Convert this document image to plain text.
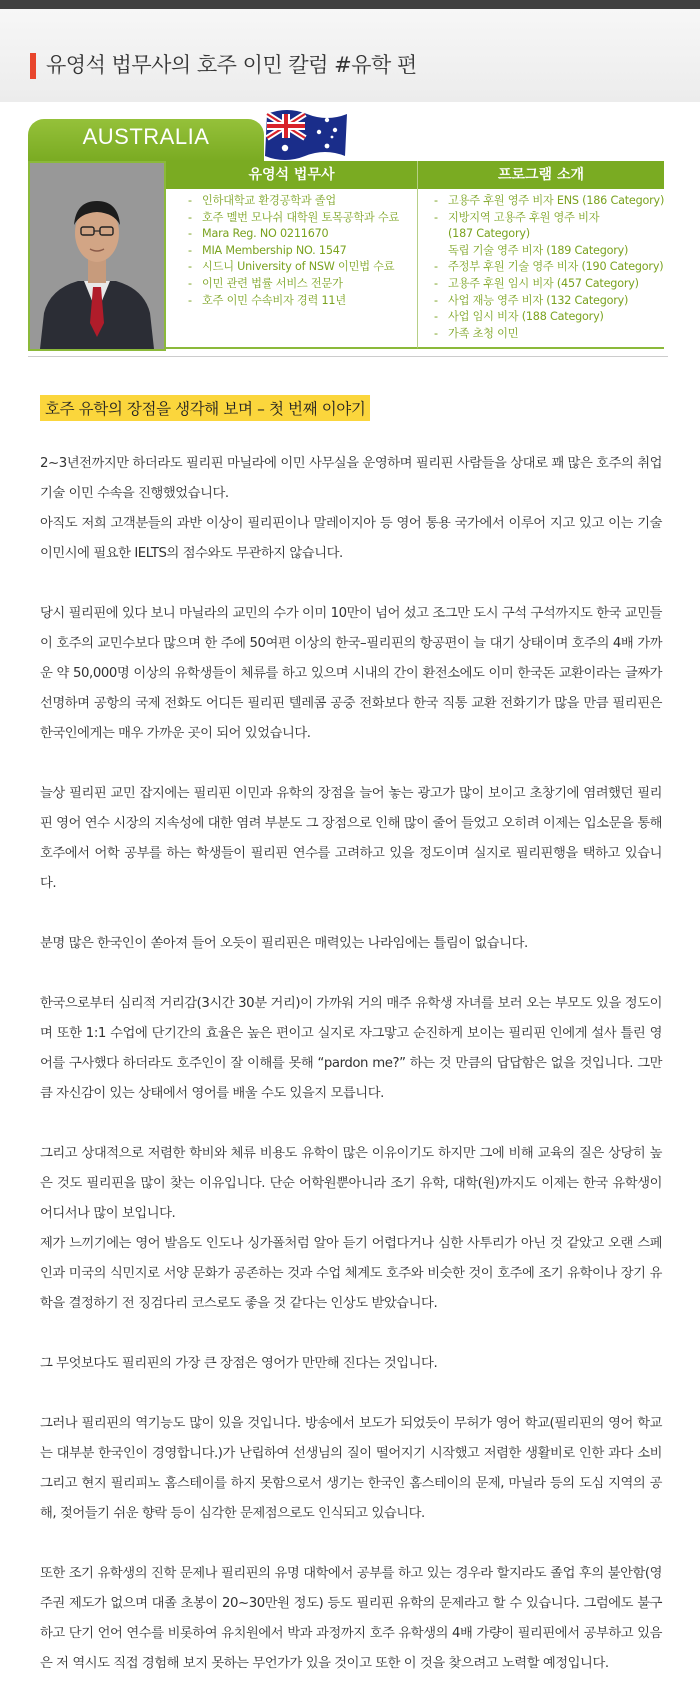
유영석 법무사의 호주 이민 칼럼 #유학 편
AUSTRALIA
유영석 법무사
- 인하대학교 환경공학과 졸업
- 호주 멜번 모나쉬 대학원 토목공학과 수료
- Mara Reg. NO 0211670
- MIA Membership NO. 1547
- 시드니 University of NSW 이민법 수료
- 이민 관련 법률 서비스 전문가
- 호주 이민 수속비자 경력 11년
프로그램 소개
- 고용주 후원 영주 비자 ENS (186 Category)
- 지방지역 고용주 후원 영주 비자
(187 Category)
독립 기술 영주 비자 (189 Category)
- 주정부 후원 기술 영주 비자 (190 Category)
- 고용주 후원 임시 비자 (457 Category)
- 사업 재능 영주 비자 (132 Category)
- 사업 임시 비자 (188 Category)
- 가족 초청 이민
호주 유학의 장점을 생각해 보며 – 첫 번째 이야기

2~3년전까지만 하더라도 필리핀 마닐라에 이민 사무실을 운영하며 필리핀 사람들을 상대로 꽤 많은 호주의 취업 기술 이민 수속을 진행했었습니다.

아직도 저희 고객분들의 과반 이상이 필리핀이나 말레이지아 등 영어 통용 국가에서 이루어 지고 있고 이는 기술 이민시에 필요한 IELTS의 점수와도 무관하지 않습니다.

당시 필리핀에 있다 보니 마닐라의 교민의 수가 이미 10만이 넘어 섰고 조그만 도시 구석 구석까지도 한국 교민들이 호주의 교민수보다 많으며 한 주에 50여편 이상의 한국–필리핀의 항공편이 늘 대기 상태이며 호주의 4배 가까운 약 50,000명 이상의 유학생들이 체류를 하고 있으며 시내의 간이 환전소에도 이미 한국돈 교환이라는 글짜가 선명하며 공항의 국제 전화도 어디든 필리핀 텔레콤 공중 전화보다 한국 직통 교환 전화기가 많을 만큼 필리핀은 한국인에게는 매우 가까운 곳이 되어 있었습니다.

늘상 필리핀 교민 잡지에는 필리핀 이민과 유학의 장점을 늘어 놓는 광고가 많이 보이고 초창기에 염려했던 필리핀 영어 연수 시장의 지속성에 대한 염려 부분도 그 장점으로 인해 많이 줄어 들었고 오히려 이제는 입소문을 통해 호주에서 어학 공부를 하는 학생들이 필리핀 연수를 고려하고 있을 정도이며 실지로 필리핀행을 택하고 있습니다.

분명 많은 한국인이 쏟아져 들어 오듯이 필리핀은 매력있는 나라임에는 틀림이 없습니다.

한국으로부터 심리적 거리감(3시간 30분 거리)이 가까워 거의 매주 유학생 자녀를 보러 오는 부모도 있을 정도이며 또한 1:1 수업에 단기간의 효율은 높은 편이고 실지로 자그맣고 순진하게 보이는 필리핀 인에게 설사 틀린 영어를 구사했다 하더라도 호주인이 잘 이해를 못해 “pardon me?” 하는 것 만큼의 답답함은 없을 것입니다. 그만큼 자신감이 있는 상태에서 영어를 배울 수도 있을지 모릅니다.

그리고 상대적으로 저렴한 학비와 체류 비용도 유학이 많은 이유이기도 하지만 그에 비해 교육의 질은 상당히 높은 것도 필리핀을 많이 찾는 이유입니다. 단순 어학원뿐아니라 조기 유학, 대학(원)까지도 이제는 한국 유학생이 어디서나 많이 보입니다.

제가 느끼기에는 영어 발음도 인도나 싱가폴처럼 알아 듣기 어렵다거나 심한 사투리가 아닌 것 같았고 오랜 스페인과 미국의 식민지로 서양 문화가 공존하는 것과 수업 체계도 호주와 비슷한 것이 호주에 조기 유학이나 장기 유학을 결정하기 전 징검다리 코스로도 좋을 것 같다는 인상도 받았습니다.

그 무엇보다도 필리핀의 가장 큰 장점은 영어가 만만해 진다는 것입니다.

그러나 필리핀의 역기능도 많이 있을 것입니다. 방송에서 보도가 되었듯이 무허가 영어 학교(필리핀의 영어 학교는 대부분 한국인이 경영합니다.)가 난립하여 선생님의 질이 떨어지기 시작했고 저렴한 생활비로 인한 과다 소비 그리고 현지 필리피노 홈스테이를 하지 못함으로서 생기는 한국인 홈스테이의 문제, 마닐라 등의 도심 지역의 공해, 젖어들기 쉬운 향락 등이 심각한 문제점으로도 인식되고 있습니다.

또한 조기 유학생의 진학 문제나 필리핀의 유명 대학에서 공부를 하고 있는 경우라 할지라도 졸업 후의 불안함(영주권 제도가 없으며 대졸 초봉이 20~30만원 정도) 등도 필리핀 유학의 문제라고 할 수 있습니다. 그럼에도 불구하고 단기 언어 연수를 비롯하여 유치원에서 박과 과정까지 호주 유학생의 4배 가량이 필리핀에서 공부하고 있음은 저 역시도 직접 경험해 보지 못하는 무언가가 있을 것이고 또한 이 것을 찾으려고 노력할 예정입니다.
